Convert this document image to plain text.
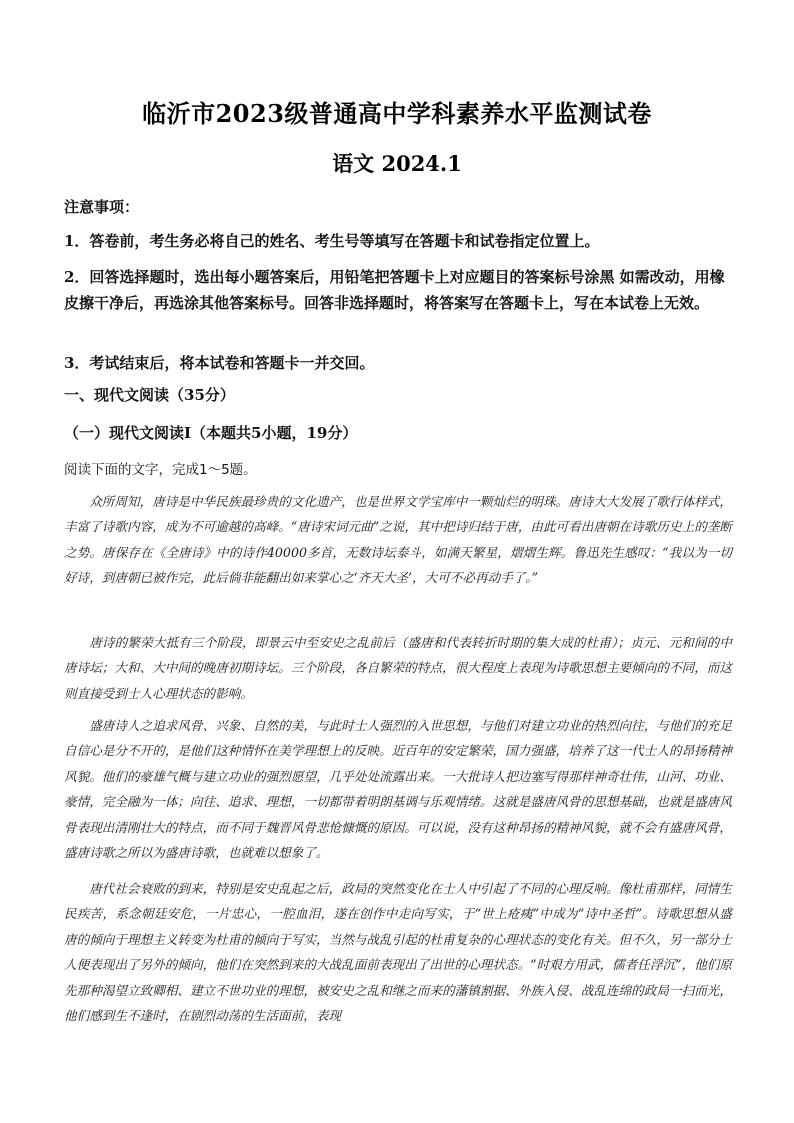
临沂市2023级普通高中学科素养水平监测试卷
语文 2024.1
注意事项：
1．答卷前，考生务必将自己的姓名、考生号等填写在答题卡和试卷指定位置上。
2．回答选择题时，选出每小题答案后，用铅笔把答题卡上对应题目的答案标号涂黑 如需改动，用橡皮擦干净后，再选涂其他答案标号。回答非选择题时，将答案写在答题卡上，写在本试卷上无效。
3．考试结束后，将本试卷和答题卡一并交回。
一、现代文阅读（35分）
（一）现代文阅读Ⅰ（本题共5小题，19分）
阅读下面的文字，完成1～5题。
众所周知，唐诗是中华民族最珍贵的文化遗产，也是世界文学宝库中一颗灿烂的明珠。唐诗大大发展了歌行体样式，丰富了诗歌内容，成为不可逾越的高峰。“唐诗宋词元曲”之说，其中把诗归结于唐，由此可看出唐朝在诗歌历史上的垄断之势。唐保存在《全唐诗》中的诗作40000多首，无数诗坛泰斗，如满天繁星，熠熠生辉。鲁迅先生感叹：“我以为一切好诗，到唐朝已被作完，此后倘非能翻出如来掌心之‘齐天大圣’，大可不必再动手了。”
唐诗的繁荣大抵有三个阶段，即景云中至安史之乱前后（盛唐和代表转折时期的集大成的杜甫）；贞元、元和间的中唐诗坛；大和、大中间的晚唐初期诗坛。三个阶段，各自繁荣的特点，很大程度上表现为诗歌思想主要倾向的不同，而这则直接受到士人心理状态的影响。
盛唐诗人之追求风骨、兴象、自然的美，与此时士人强烈的入世思想，与他们对建立功业的热烈向往，与他们的充足自信心是分不开的，是他们这种情怀在美学理想上的反映。近百年的安定繁荣，国力强盛，培养了这一代士人的昂扬精神风貌。他们的豪雄气概与建立功业的强烈愿望，几乎处处流露出来。一大批诗人把边塞写得那样神奇壮伟，山河、功业、豪情，完全融为一体；向往、追求、理想，一切都带着明朗基调与乐观情绪。这就是盛唐风骨的思想基础，也就是盛唐风骨表现出清刚壮大的特点，而不同于魏晋风骨悲怆慷慨的原因。可以说，没有这种昂扬的精神风貌，就不会有盛唐风骨，盛唐诗歌之所以为盛唐诗歌，也就难以想象了。
唐代社会衰败的到来，特别是安史乱起之后，政局的突然变化在士人中引起了不同的心理反响。像杜甫那样，同情生民疾苦，系念朝廷安危，一片忠心，一腔血泪，遂在创作中走向写实，于“世上疮痍”中成为“诗中圣哲”。诗歌思想从盛唐的倾向于理想主义转变为杜甫的倾向于写实，当然与战乱引起的杜甫复杂的心理状态的变化有关。但不久，另一部分士人便表现出了另外的倾向，他们在突然到来的大战乱面前表现出了出世的心理状态。“时艰方用武，儒者任浮沉”，他们原先那种渴望立致卿相、建立不世功业的理想，被安史之乱和继之而来的藩镇割据、外族入侵、战乱连绵的政局一扫而光，他们感到生不逢时，在剧烈动荡的生活面前，表现
